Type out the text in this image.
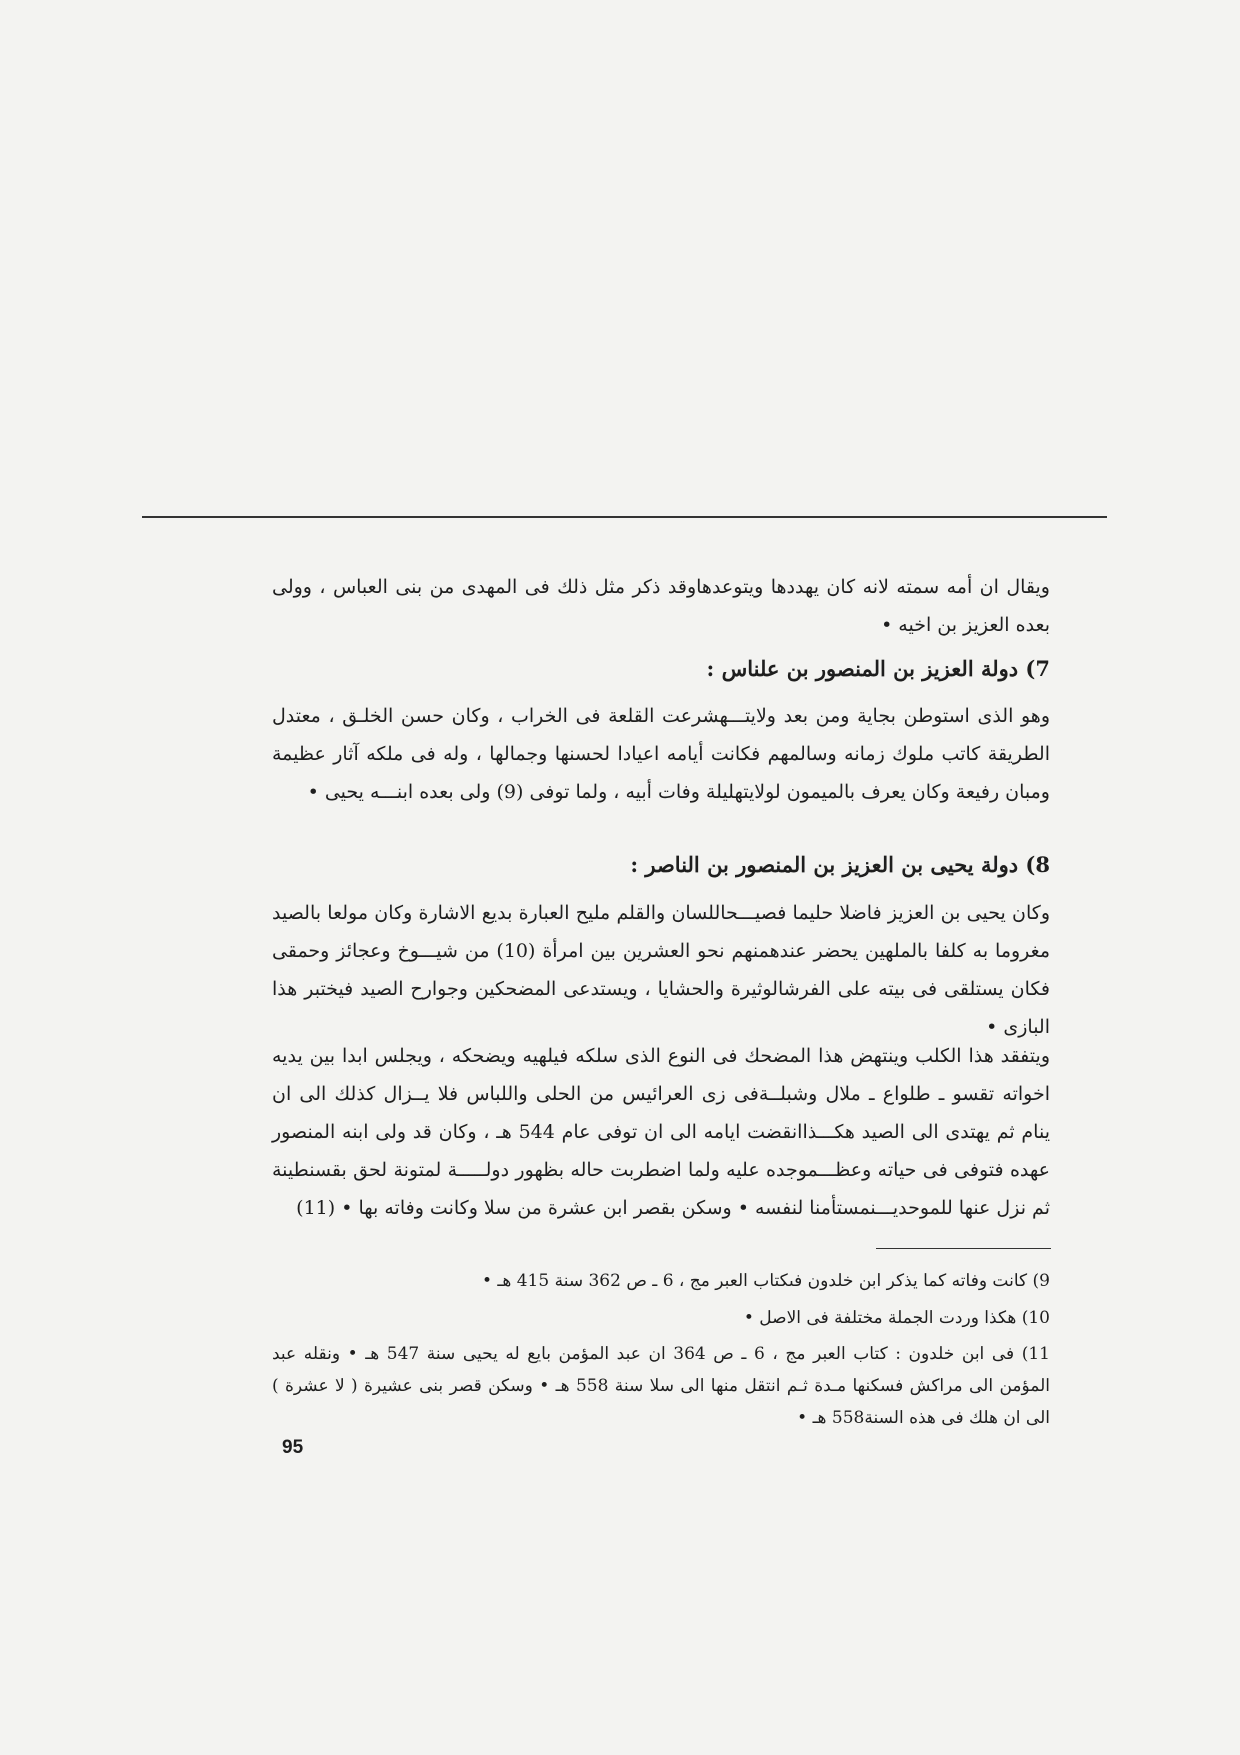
ويقال ان أمه سمته لانه كان يهددها ويتوعدهاوقد ذكر مثل ذلك فى المهدى من بنى العباس ، وولى بعده العزيز بن اخيه •

7) دولة العزيز بن المنصور بن علناس :

وهو الذى استوطن بجاية ومن بعد ولايتـــهشرعت القلعة فى الخراب ، وكان حسن الخلـق ، معتدل الطريقة كاتب ملوك زمانه وسالمهم فكانت أيامه اعيادا لحسنها وجمالها ، وله فى ملكه آثار عظيمة ومبان رفيعة وكان يعرف بالميمون لولايتهليلة وفات أبيه ، ولما توفى (9) ولى بعده ابنـــه يحيى •

8) دولة يحيى بن العزيز بن المنصور بن الناصر :

وكان يحيى بن العزيز فاضلا حليما فصيـــحاللسان والقلم مليح العبارة بديع الاشارة وكان مولعا بالصيد مغروما به كلفا بالملهين يحضر عندهمنهم نحو العشرين بين امرأة (10) من شيـــوخ وعجائز وحمقى فكان يستلقى فى بيته على الفرشالوثيرة والحشايا ، ويستدعى المضحكين وجوارح الصيد فيختبر هذا البازى •

ويتفقد هذا الكلب وينتهض هذا المضحك فى النوع الذى سلكه فيلهيه ويضحكه ، ويجلس ابدا بين يديه اخواته تقسو ـ طلواع ـ ملال وشبلــةفى زى العرائيس من الحلى واللباس فلا يــزال كذلك الى ان ينام ثم يهتدى الى الصيد هكـــذاانقضت ايامه الى ان توفى عام 544 هـ ، وكان قد ولى ابنه المنصور عهده فتوفى فى حياته وعظـــموجده عليه ولما اضطربت حاله بظهور دولـــــة لمتونة لحق بقسنطينة ثم نزل عنها للموحديـــنمستأمنا لنفسه • وسكن بقصر ابن عشرة من سلا وكانت وفاته بها • (11)

9) كانت وفاته كما يذكر ابن خلدون فىكتاب العبر مج ، 6 ـ ص 362 سنة 415 هـ •

10) هكذا وردت الجملة مختلفة فى الاصل •

11) فى ابن خلدون : كتاب العبر مج ، 6 ـ ص 364 ان عبد المؤمن بايع له يحيى سنة 547 هـ • ونقله عبد المؤمن الى مراكش فسكنها مـدة ثـم انتقل منها الى سلا سنة 558 هـ • وسكن قصر بنى عشيرة ( لا عشرة ) الى ان هلك فى هذه السنة558 هـ •

95
